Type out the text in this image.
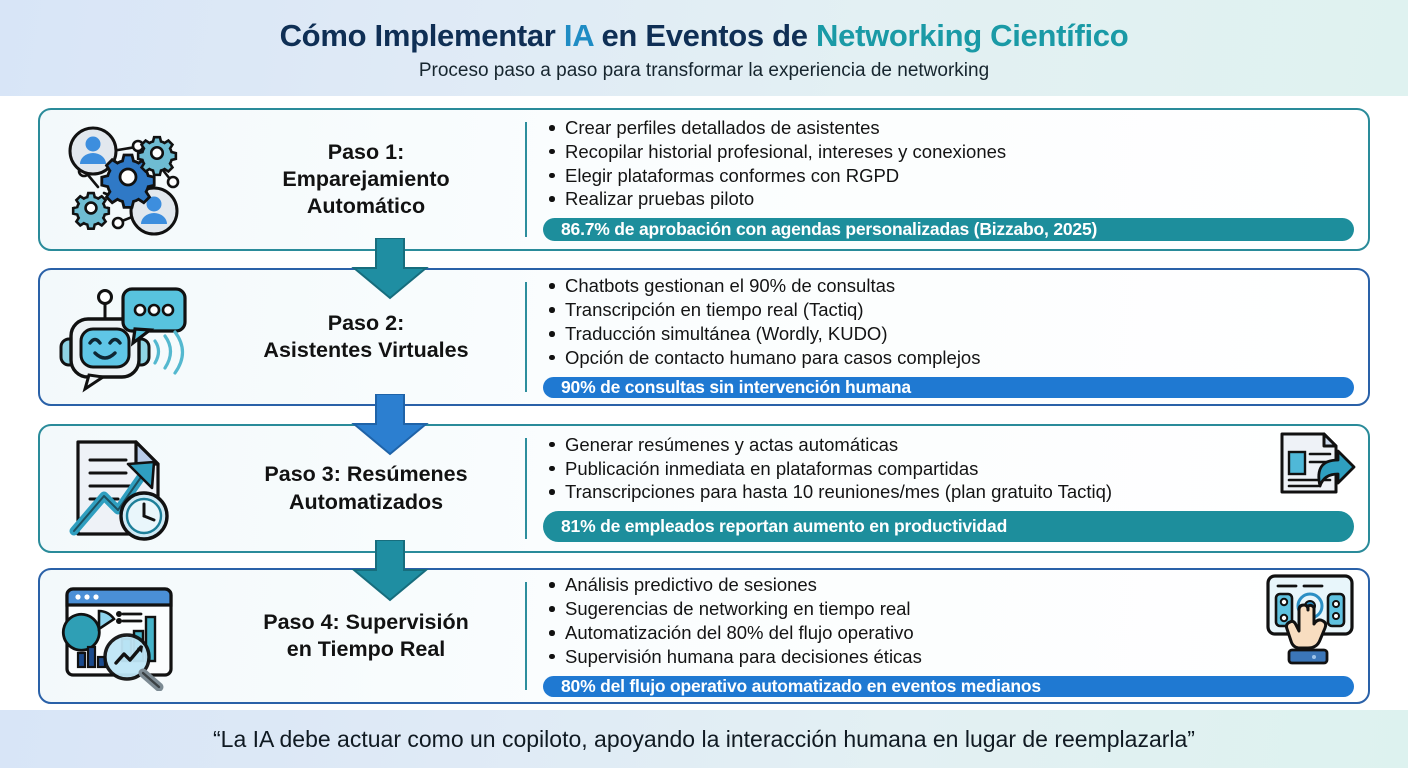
Cómo Implementar IA en Eventos de Networking Científico
Proceso paso a paso para transformar la experiencia de networking
Paso 1:
Emparejamiento
Automático
Crear perfiles detallados de asistentes
Recopilar historial profesional, intereses y conexiones
Elegir plataformas conformes con RGPD
Realizar pruebas piloto
86.7% de aprobación con agendas personalizadas (Bizzabo, 2025)
Paso 2:
Asistentes Virtuales
Chatbots gestionan el 90% de consultas
Transcripción en tiempo real (Tactiq)
Traducción simultánea (Wordly, KUDO)
Opción de contacto humano para casos complejos
90% de consultas sin intervención humana
Paso 3: Resúmenes
Automatizados
Generar resúmenes y actas automáticas
Publicación inmediata en plataformas compartidas
Transcripciones para hasta 10 reuniones/mes (plan gratuito Tactiq)
81% de empleados reportan aumento en productividad
Paso 4: Supervisión
en Tiempo Real
Análisis predictivo de sesiones
Sugerencias de networking en tiempo real
Automatización del 80% del flujo operativo
Supervisión humana para decisiones éticas
80% del flujo operativo automatizado en eventos medianos
“La IA debe actuar como un copiloto, apoyando la interacción humana en lugar de reemplazarla”
